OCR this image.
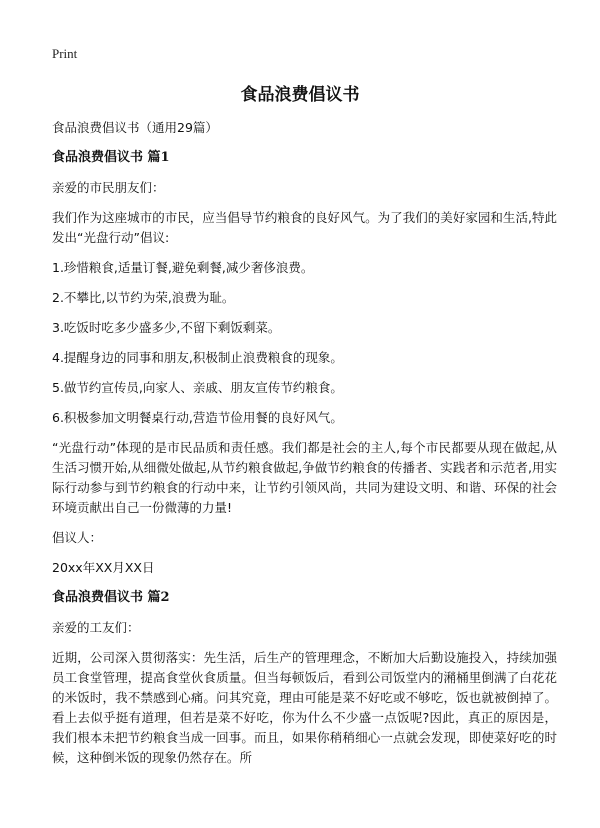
Print
食品浪费倡议书

食品浪费倡议书（通用29篇）

食品浪费倡议书 篇1

亲爱的市民朋友们：

我们作为这座城市的市民，应当倡导节约粮食的良好风气。为了我们的美好家园和生活,特此发出“光盘行动”倡议:

1.珍惜粮食,适量订餐,避免剩餐,减少奢侈浪费。

2.不攀比,以节约为荣,浪费为耻。

3.吃饭时吃多少盛多少,不留下剩饭剩菜。

4.提醒身边的同事和朋友,积极制止浪费粮食的现象。

5.做节约宣传员,向家人、亲戚、朋友宣传节约粮食。

6.积极参加文明餐桌行动,营造节俭用餐的良好风气。

“光盘行动”体现的是市民品质和责任感。我们都是社会的主人,每个市民都要从现在做起,从生活习惯开始,从细微处做起,从节约粮食做起,争做节约粮食的传播者、实践者和示范者,用实际行动参与到节约粮食的行动中来，让节约引领风尚，共同为建设文明、和谐、环保的社会环境贡献出自己一份微薄的力量!

倡议人：

20xx年XX月XX日

食品浪费倡议书 篇2

亲爱的工友们：

近期，公司深入贯彻落实：先生活，后生产的管理理念，不断加大后勤设施投入，持续加强员工食堂管理，提高食堂伙食质量。但当每顿饭后，看到公司饭堂内的潲桶里倒满了白花花的米饭时，我不禁感到心痛。问其究竟，理由可能是菜不好吃或不够吃，饭也就被倒掉了。看上去似乎挺有道理，但若是菜不好吃，你为什么不少盛一点饭呢?因此，真正的原因是，我们根本未把节约粮食当成一回事。而且，如果你稍稍细心一点就会发现，即使菜好吃的时候，这种倒米饭的现象仍然存在。所
